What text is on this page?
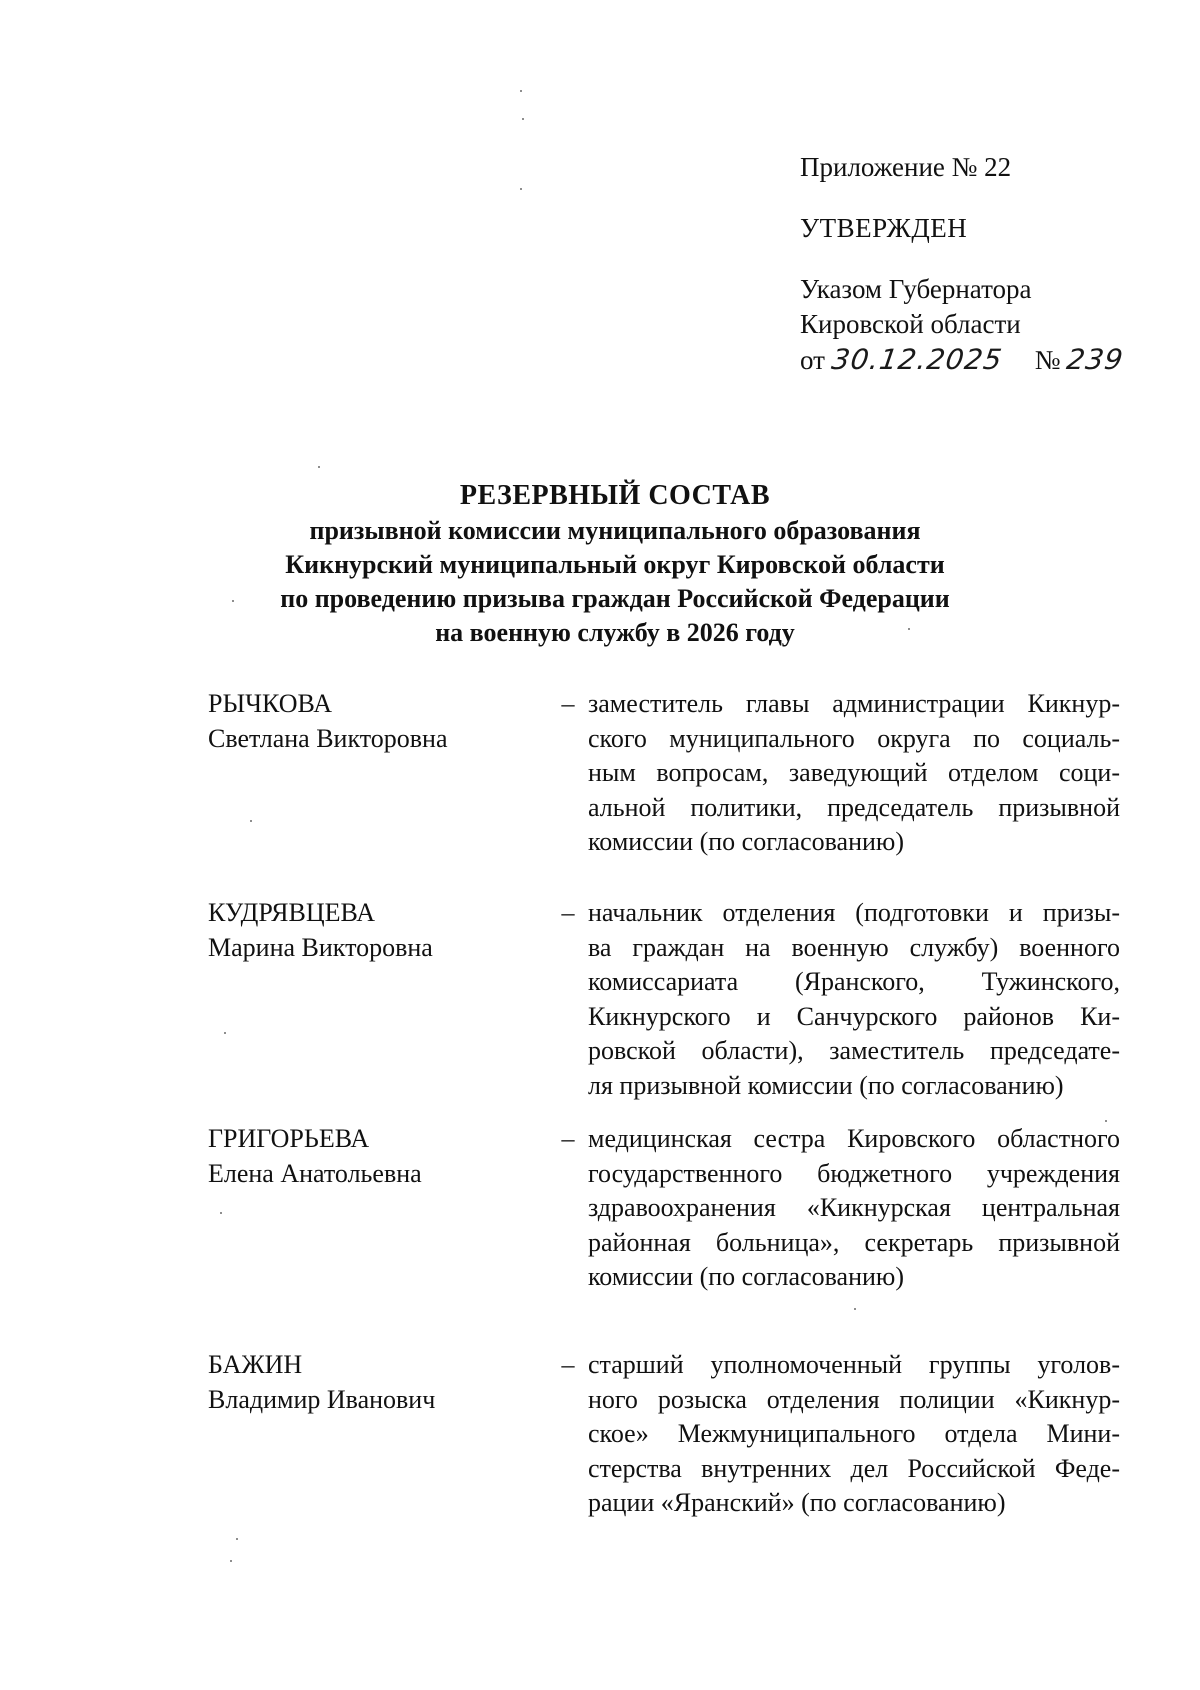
Приложение № 22
УТВЕРЖДЕН
Указом Губернатора
Кировской области
от 30.12.2025 № 239
РЕЗЕРВНЫЙ СОСТАВ
призывной комиссии муниципального образования
Кикнурский муниципальный округ Кировской области
по проведению призыва граждан Российской Федерации
на военную службу в 2026 году
РЫЧКОВА
Светлана Викторовна
– заместитель главы администрации Кикнур-
ского муниципального округа по социаль-
ным вопросам, заведующий отделом соци-
альной политики, председатель призывной
комиссии (по согласованию)
КУДРЯВЦЕВА
Марина Викторовна
– начальник отделения (подготовки и призы-
ва граждан на военную службу) военного
комиссариата (Яранского, Тужинского,
Кикнурского и Санчурского районов Ки-
ровской области), заместитель председате-
ля призывной комиссии (по согласованию)
ГРИГОРЬЕВА
Елена Анатольевна
– медицинская сестра Кировского областного
государственного бюджетного учреждения
здравоохранения «Кикнурская центральная
районная больница», секретарь призывной
комиссии (по согласованию)
БАЖИН
Владимир Иванович
– старший уполномоченный группы уголов-
ного розыска отделения полиции «Кикнур-
ское» Межмуниципального отдела Мини-
стерства внутренних дел Российской Феде-
рации «Яранский» (по согласованию)
